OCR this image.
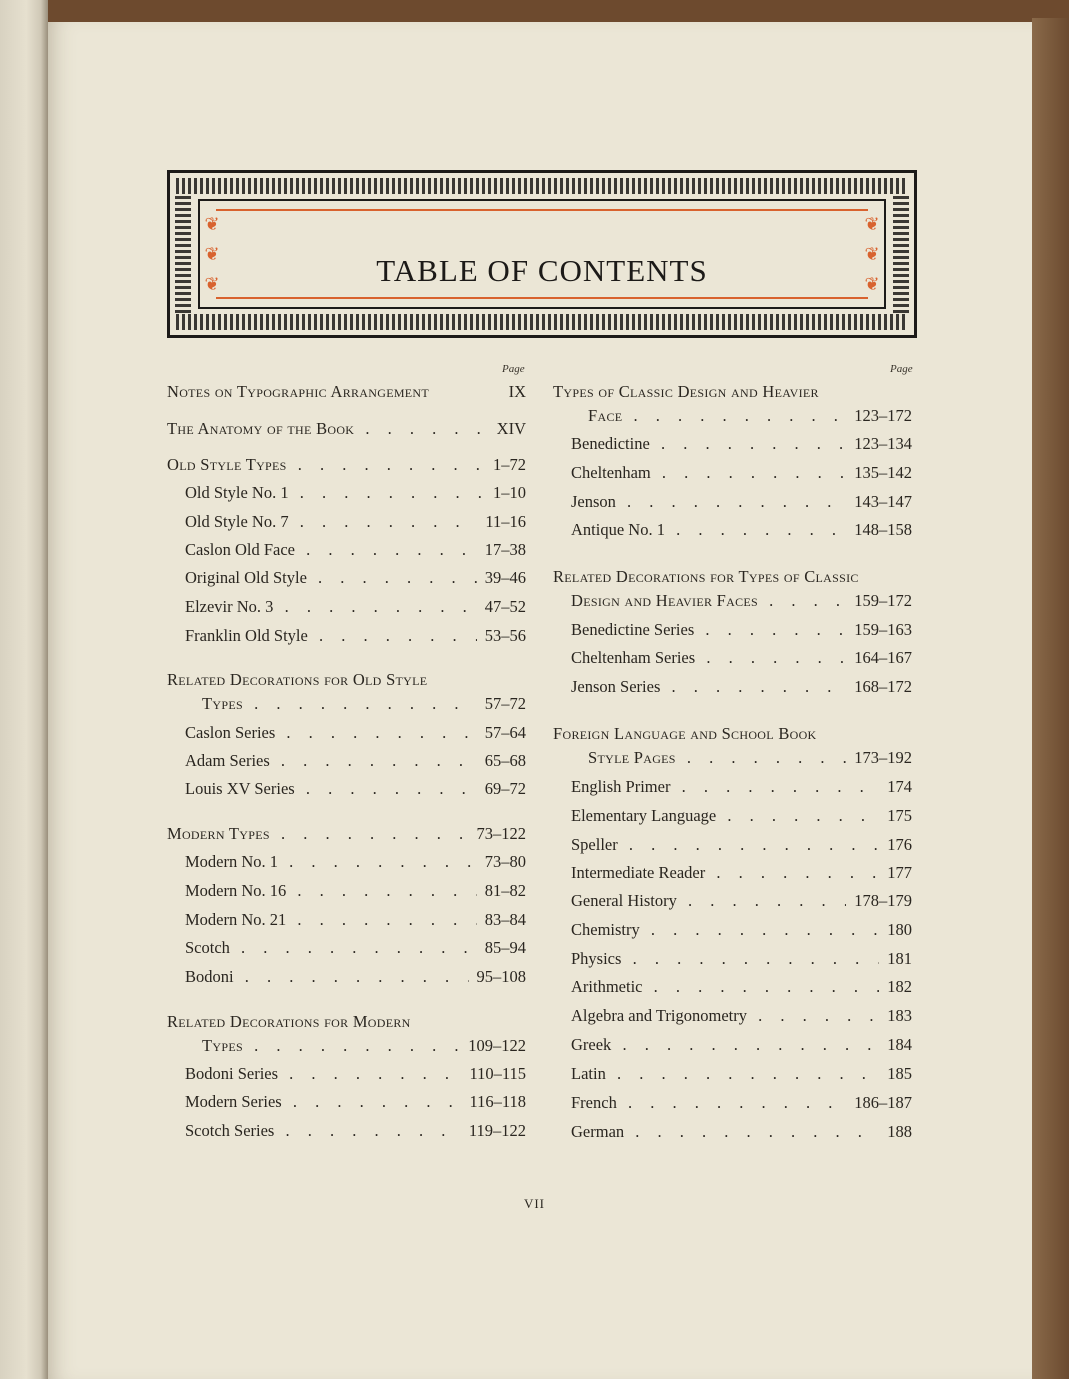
❦
❦
❦
❦
❦
❦
TABLE OF CONTENTS
Page	Page
Notes on Typographic Arrangement	IX
The Anatomy of the Book . . .	XIV
Old Style Types . . .	1–72
Old Style No. 1 . . .	1–10
Old Style No. 7 . . .	11–16
Caslon Old Face . . .	17–38
Original Old Style . . .	39–46
Elzevir No. 3 . . .	47–52
Franklin Old Style . . .	53–56
Related Decorations for Old Style
Types . . .	57–72
Caslon Series . . .	57–64
Adam Series . . .	65–68
Louis XV Series . . .	69–72
Modern Types . . .	73–122
Modern No. 1 . . .	73–80
Modern No. 16 . . .	81–82
Modern No. 21 . . .	83–84
Scotch . . .	85–94
Bodoni . . .	95–108
Related Decorations for Modern
Types . . .	109–122
Bodoni Series . . .	110–115
Modern Series . . .	116–118
Scotch Series . . .	119–122
Types of Classic Design and Heavier
Face . . .	123–172
Benedictine . . .	123–134
Cheltenham . . .	135–142
Jenson . . .	143–147
Antique No. 1 . . .	148–158
Related Decorations for Types of Classic
Design and Heavier Faces . . .	159–172
Benedictine Series . . .	159–163
Cheltenham Series . . .	164–167
Jenson Series . . .	168–172
Foreign Language and School Book
Style Pages . . .	173–192
English Primer . . .	174
Elementary Language . . .	175
Speller . . .	176
Intermediate Reader . . .	177
General History . . .	178–179
Chemistry . . .	180
Physics . . .	181
Arithmetic . . .	182
Algebra and Trigonometry . . .	183
Greek . . .	184
Latin . . .	185
French . . .	186–187
German . . .	188
VII
